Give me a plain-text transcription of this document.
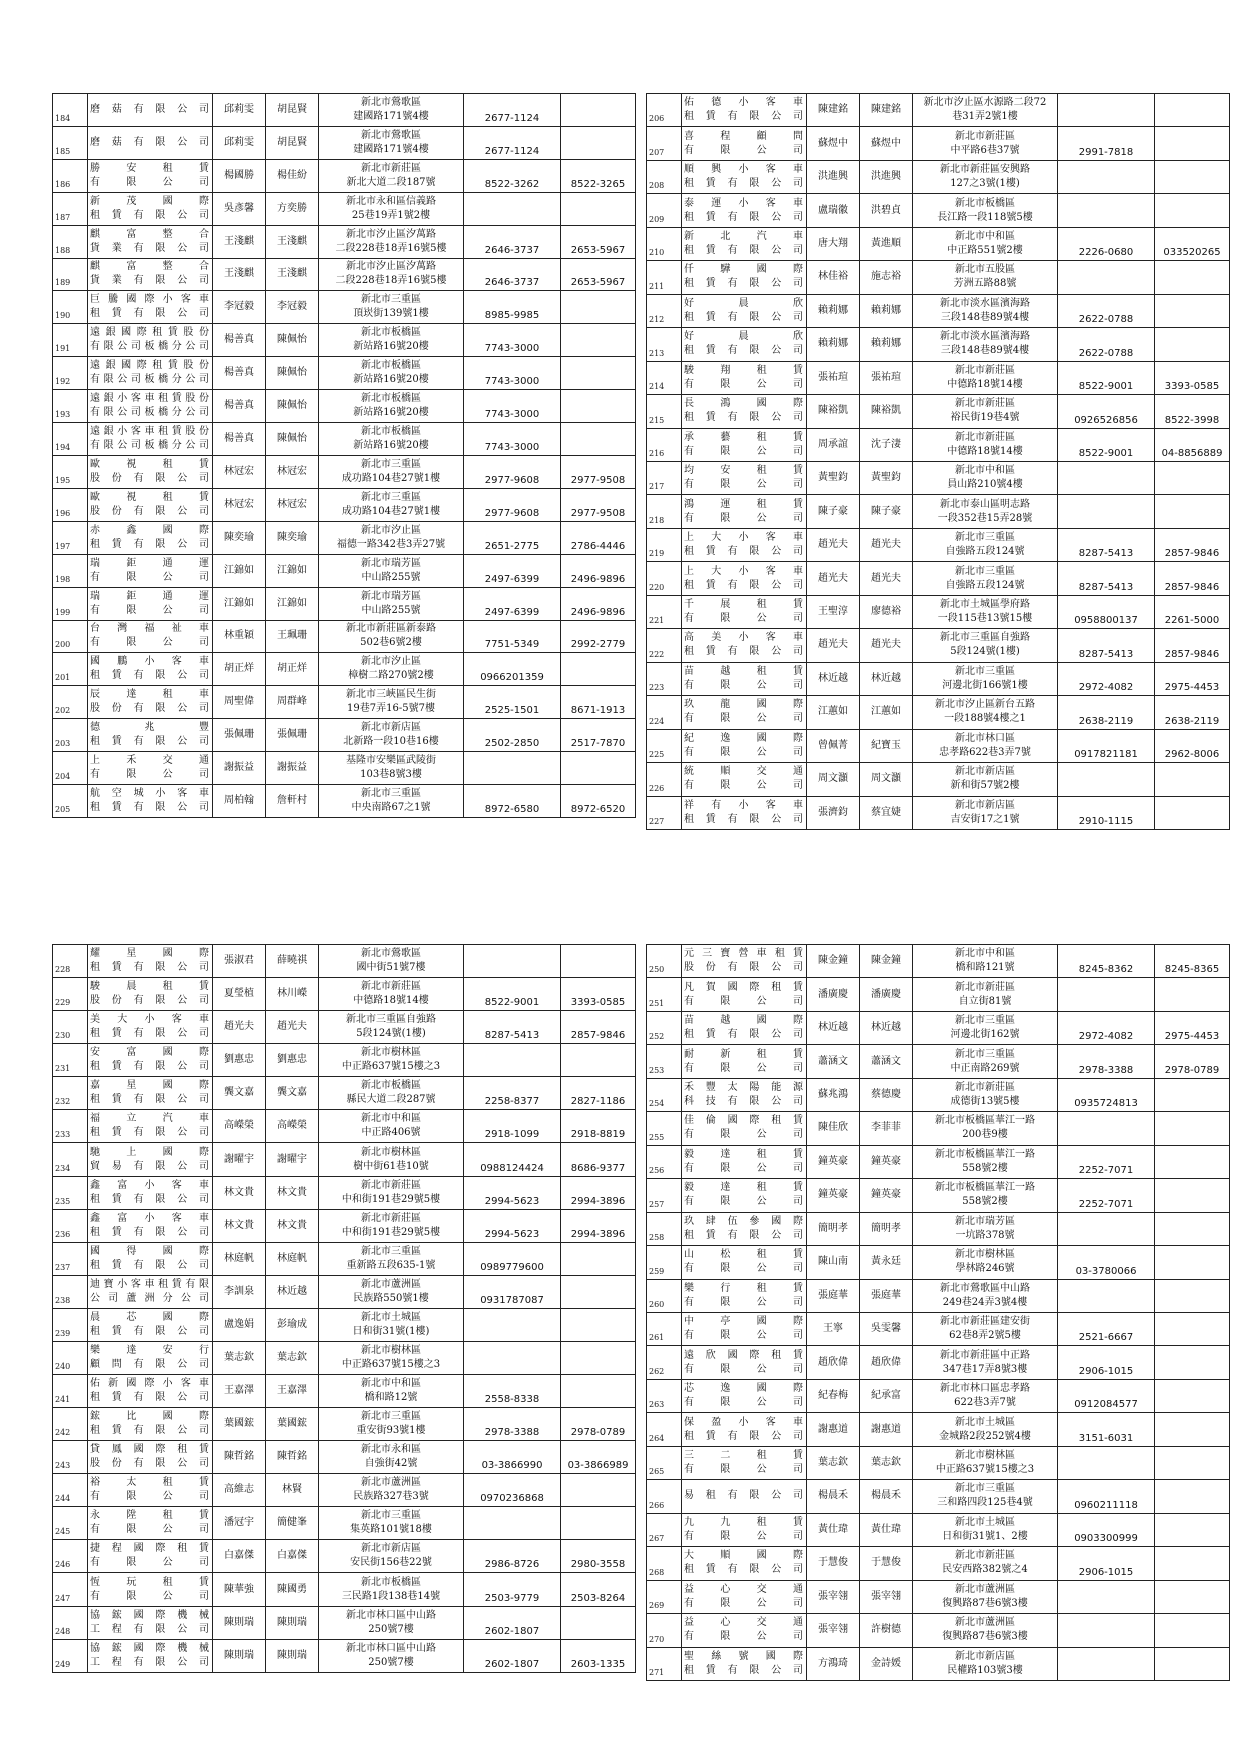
184	磨菇有限公司	邱莉雯	胡昆賢	新北市鶯歌區
建國路171號4樓	2677-1124	
185	磨菇有限公司	邱莉雯	胡昆賢	新北市鶯歌區
建國路171號4樓	2677-1124	
186	勝安租賃
有限公司	楊國勝	楊佳紛	新北市新莊區
新北大道二段187號	8522-3262	8522-3265
187	新茂國際
租賃有限公司	吳彥馨	方奕勝	新北市永和區信義路
25巷19弄1號2樓		

188	麒富整合
貨業有限公司	王淺麒	王淺麒	新北市汐止區汐萬路
二段228巷18弄16號5樓	2646-3737	2653-5967
189	麒富整合
貨業有限公司	王淺麒	王淺麒	新北市汐止區汐萬路
二段228巷18弄16號5樓	2646-3737	2653-5967
190	巨騰國際小客車
租賃有限公司	李冠毅	李冠毅	新北市三重區
頂崁街139號1樓	8985-9985	
191	遠銀國際租賃股份
有限公司板橋分公司	楊善真	陳佩怡	新北市板橋區
新站路16號20樓	7743-3000	
192	遠銀國際租賃股份
有限公司板橋分公司	楊善真	陳佩怡	新北市板橋區
新站路16號20樓	7743-3000	
193	遠銀小客車租賃股份
有限公司板橋分公司	楊善真	陳佩怡	新北市板橋區
新站路16號20樓	7743-3000	
194	遠銀小客車租賃股份
有限公司板橋分公司	楊善真	陳佩怡	新北市板橋區
新站路16號20樓	7743-3000	
195	歐視租賃
股份有限公司	林冠宏	林冠宏	新北市三重區
成功路104巷27號1樓	2977-9608	2977-9508
196	歐視租賃
股份有限公司	林冠宏	林冠宏	新北市三重區
成功路104巷27號1樓	2977-9608	2977-9508
197	赤鑫國際
租賃有限公司	陳奕瑜	陳奕瑜	新北市汐止區
福德一路342巷3弄27號	2651-2775	2786-4446
198	瑞鉅通運
有限公司	江錦如	江錦如	新北市瑞芳區
中山路255號	2497-6399	2496-9896
199	瑞鉅通運
有限公司	江錦如	江錦如	新北市瑞芳區
中山路255號	2497-6399	2496-9896
200	台灣福祉車
有限公司	林重穎	王珮珊	新北市新莊區新泰路
502巷6號2樓	7751-5349	2992-2779
201	國鵬小客車
租賃有限公司	胡正烊	胡正烊	新北市汐止區
樟樹二路270號2樓	0966201359	
202	辰達租車
股份有限公司	周聖偉	周群峰	新北市三峽區民生街
19巷7弄16-5號7樓	2525-1501	8671-1913
203	德兆豐
租賃有限公司	張佩珊	張佩珊	新北市新店區
北新路一段10巷16樓	2502-2850	2517-7870
204	上禾交通
有限公司	謝振益	謝振益	基隆市安樂區武陵街
103巷8號3樓		

205	航空城小客車
租賃有限公司	周柏翰	詹軒村	新北市三重區
中央南路67之1號	8972-6580	8972-6520
206	佑德小客車
租賃有限公司	陳建銘	陳建銘	新北市汐止區水源路二段72
巷31弄2號1樓		

207	喜程顧問
有限公司	蘇煜中	蘇煜中	新北市新莊區
中平路6巷37號	2991-7818	
208	順興小客車
租賃有限公司	洪進興	洪進興	新北市新莊區安興路
127之3號(1樓)		

209	泰運小客車
租賃有限公司	盧瑞徽	洪碧貞	新北市板橋區
長江路一段118號5樓		

210	新北汽車
租賃有限公司	唐大翔	黃進順	新北市中和區
中正路551號2樓	2226-0680	033520265
211	仟驊國際
租賃有限公司	林佳裕	施志裕	新北市五股區
芳洲五路88號		

212	好晨欣
租賃有限公司	賴莉娜	賴莉娜	新北市淡水區濱海路
三段148巷89號4樓	2622-0788	
213	好晨欣
租賃有限公司	賴莉娜	賴莉娜	新北市淡水區濱海路
三段148巷89號4樓	2622-0788	
214	駿翔租賃
有限公司	張祐瑄	張祐瑄	新北市新莊區
中德路18號14樓	8522-9001	3393-0585
215	長鴻國際
租賃有限公司	陳裕凱	陳裕凱	新北市新莊區
裕民街19巷4號	0926526856	8522-3998
216	承藝租賃
有限公司	周承誼	沈子淒	新北市新莊區
中德路18號14樓	8522-9001	04-8856889
217	均安租賃
有限公司	黃聖鈞	黃聖鈞	新北市中和區
員山路210號4樓		

218	鴻運租賃
有限公司	陳子豪	陳子豪	新北市泰山區明志路
一段352巷15弄28號		

219	上大小客車
租賃有限公司	趙光夫	趙光夫	新北市三重區
自強路五段124號	8287-5413	2857-9846
220	上大小客車
租賃有限公司	趙光夫	趙光夫	新北市三重區
自強路五段124號	8287-5413	2857-9846
221	千展租賃
有限公司	王聖淳	廖德裕	新北市土城區學府路
一段115巷13號15樓	0958800137	2261-5000
222	高美小客車
租賃有限公司	趙光夫	趙光夫	新北市三重區自強路
5段124號(1樓)	8287-5413	2857-9846
223	苗越租賃
有限公司	林近越	林近越	新北市三重區
河邊北街166號1樓	2972-4082	2975-4453
224	玖龍國際
有限公司	江蕙如	江蕙如	新北市汐止區新台五路
一段188號4樓之1	2638-2119	2638-2119
225	紀逸國際
有限公司	曾佩菁	紀寶玉	新北市林口區
忠孝路622巷3弄7號	0917821181	2962-8006
226	統順交通
有限公司	周文灝	周文灝	新北市新店區
新和街57號2樓		

227	祥有小客車
租賃有限公司	張濟鈞	蔡宜婕	新北市新店區
吉安街17之1號	2910-1115	
228	耀星國際
租賃有限公司	張淑君	薛曉祺	新北市鶯歌區
國中街51號7樓		

229	駿晨租賃
股份有限公司	夏瑩植	林川嶸	新北市新莊區
中德路18號14樓	8522-9001	3393-0585
230	美大小客車
租賃有限公司	趙光夫	趙光夫	新北市三重區自強路
5段124號(1樓)	8287-5413	2857-9846
231	安富國際
租賃有限公司	劉惠忠	劉惠忠	新北市樹林區
中正路637號15樓之3		

232	嘉星國際
租賃有限公司	龔文嘉	龔文嘉	新北市板橋區
縣民大道二段287號	2258-8377	2827-1186
233	福立汽車
租賃有限公司	高嶸榮	高嶸榮	新北市中和區
中正路406號	2918-1099	2918-8819
234	馳上國際
貿易有限公司	謝曜宇	謝曜宇	新北市樹林區
樹中街61巷10號	0988124424	8686-9377
235	鑫富小客車
租賃有限公司	林文貴	林文貴	新北市新莊區
中和街191巷29號5樓	2994-5623	2994-3896
236	鑫富小客車
租賃有限公司	林文貴	林文貴	新北市新莊區
中和街191巷29號5樓	2994-5623	2994-3896
237	國得國際
租賃有限公司	林庭帆	林庭帆	新北市三重區
重新路五段635-1號	0989779600	
238	迪寶小客車租賃有限
公司蘆洲分公司	李訓泉	林近越	新北市蘆洲區
民族路550號1樓	0931787087	
239	晨芯國際
租賃有限公司	盧逸娟	彭瑜成	新北市土城區
日和街31號(1樓)		

240	樂達安行
顧問有限公司	葉志欽	葉志欽	新北市樹林區
中正路637號15樓之3		

241	佑新國際小客車
租賃有限公司	王嘉澤	王嘉澤	新北市中和區
橋和路12號	2558-8338	
242	鋐比國際
租賃有限公司	葉國鋐	葉國鋐	新北市三重區
重安街93號1樓	2978-3388	2978-0789
243	貸鳳國際租賃
股份有限公司	陳哲銘	陳哲銘	新北市永和區
自強街42號	03-3866990	03-3866989
244	裕太租賃
有限公司	高維志	林賢	新北市蘆洲區
民族路327巷3號	0970236868	
245	永陞租賃
有限公司	潘冠宇	簡健峯	新北市三重區
集英路101號18樓		

246	捷程國際租賃
有限公司	白嘉傑	白嘉傑	新北市新店區
安民街156巷22號	2986-8726	2980-3558
247	恆玩租賃
有限公司	陳華強	陳國勇	新北市板橋區
三民路1段138巷14號	2503-9779	2503-8264
248	協鋐國際機械
工程有限公司	陳則瑞	陳則瑞	新北市林口區中山路
250號7樓	2602-1807	
249	協鋐國際機械
工程有限公司	陳則瑞	陳則瑞	新北市林口區中山路
250號7樓	2602-1807	2603-1335
250	元三寶營車租賃
股份有限公司	陳金鐘	陳金鐘	新北市中和區
橋和路121號	8245-8362	8245-8365
251	凡賀國際租賃
有限公司	潘廣慶	潘廣慶	新北市新莊區
自立街81號		

252	苗越國際
租賃有限公司	林近越	林近越	新北市三重區
河邊北街162號	2972-4082	2975-4453
253	耐新租賃
有限公司	蕭涵文	蕭涵文	新北市三重區
中正南路269號	2978-3388	2978-0789
254	禾豐太陽能源
科技有限公司	蘇兆鴻	蔡德慶	新北市新莊區
成德街13號5樓	0935724813	
255	佳倫國際租賃
有限公司	陳佳欣	李菲菲	新北市板橋區華江一路
200巷9樓		

256	毅達租賃
有限公司	鐘英豪	鐘英豪	新北市板橋區華江一路
558號2樓	2252-7071	
257	毅達租賃
有限公司	鐘英豪	鐘英豪	新北市板橋區華江一路
558號2樓	2252-7071	
258	玖肆伍參國際
租賃有限公司	簡明孝	簡明孝	新北市瑞芳區
一坑路378號		

259	山松租賃
有限公司	陳山南	黃永廷	新北市樹林區
學林路246號	03-3780066	
260	樂行租賃
有限公司	張庭華	張庭華	新北市鶯歌區中山路
249巷24弄3號4樓		

261	中亭國際
有限公司	王寧	吳雯馨	新北市新莊區建安街
62巷8弄2號5樓	2521-6667	
262	遠欣國際租賃
有限公司	趙欣偉	趙欣偉	新北市新莊區中正路
347巷17弄8號3樓	2906-1015	
263	芯逸國際
有限公司	紀春梅	紀承富	新北市林口區忠孝路
622巷3弄7號	0912084577	
264	保盈小客車
租賃有限公司	謝惠道	謝惠道	新北市土城區
金城路2段252號4樓	3151-6031	
265	三二租賃
有限公司	葉志欽	葉志欽	新北市樹林區
中正路637號15樓之3		

266	易租有限公司	楊晨禾	楊晨禾	新北市三重區
三和路四段125巷4號	0960211118	
267	九九租賃
有限公司	黃仕瑋	黃仕瑋	新北市土城區
日和街31號1、2樓	0903300999	
268	大順國際
租賃有限公司	于慧俊	于慧俊	新北市新莊區
民安西路382號之4	2906-1015	
269	益心交通
有限公司	張宰翎	張宰翎	新北市蘆洲區
復興路87巷6號3樓		

270	益心交通
有限公司	張宰翎	許樹德	新北市蘆洲區
復興路87巷6號3樓		

271	聖絲號國際
租賃有限公司	方鴻琦	金詩媛	新北市新店區
民權路103號3樓		
